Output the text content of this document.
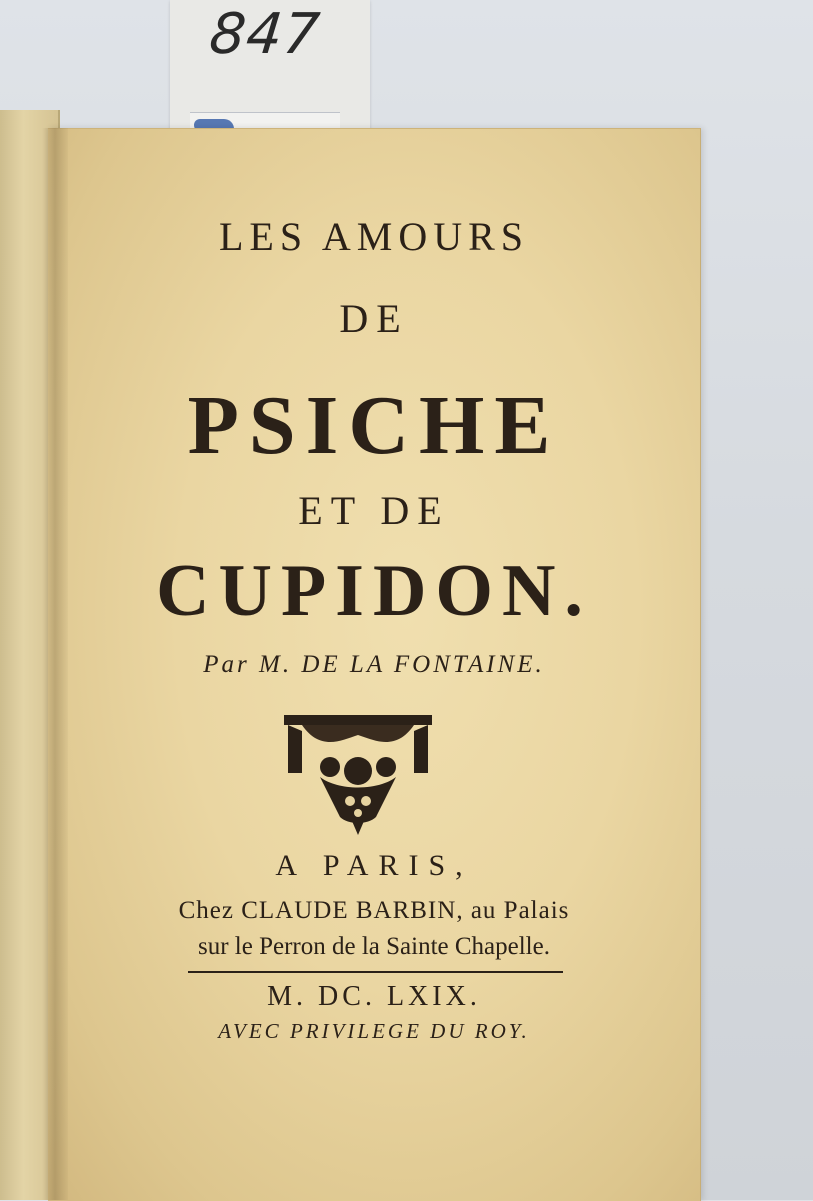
847
LES AMOURS
DE
PSICHE
ET DE
CUPIDON.
Par M. DE LA FONTAINE.
A PARIS,
Chez CLAUDE BARBIN, au Palais
sur le Perron de la Sainte Chapelle.
M. DC. LXIX.
AVEC PRIVILEGE DU ROY.
